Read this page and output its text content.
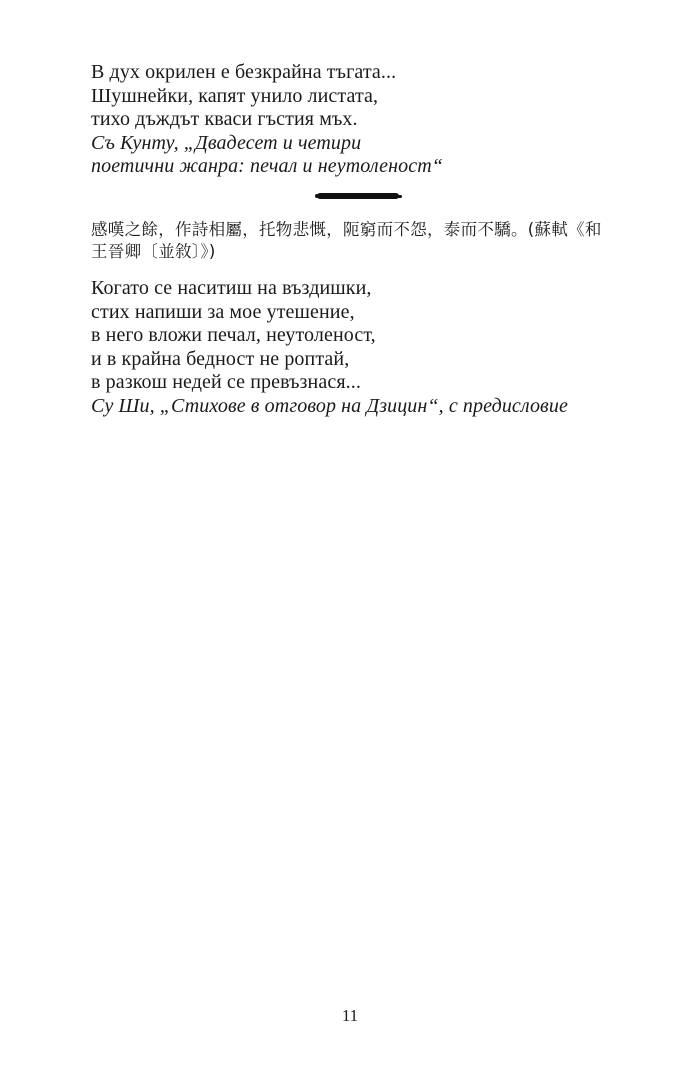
В дух окрилен е безкрайна тъгата...
Шушнейки, капят унило листата,
тихо дъждът кваси гъстия мъх.
Cъ Кунту, „Двадесет и четири
поетични жанра: печал и неутоленост“
感嘆之餘，作詩相屬，托物悲慨，阨窮而不怨，泰而不驕。(蘇軾《和
王晉卿〔並敘〕》)
Когато се наситиш на въздишки,
стих напиши за мое утешение,
в него вложи печал, неутоленост,
и в крайна бедност не роптай,
в разкош недей се превъзнася...
Су Ши, „Стихове в отговор на Дзицин“, с предисловие
11
